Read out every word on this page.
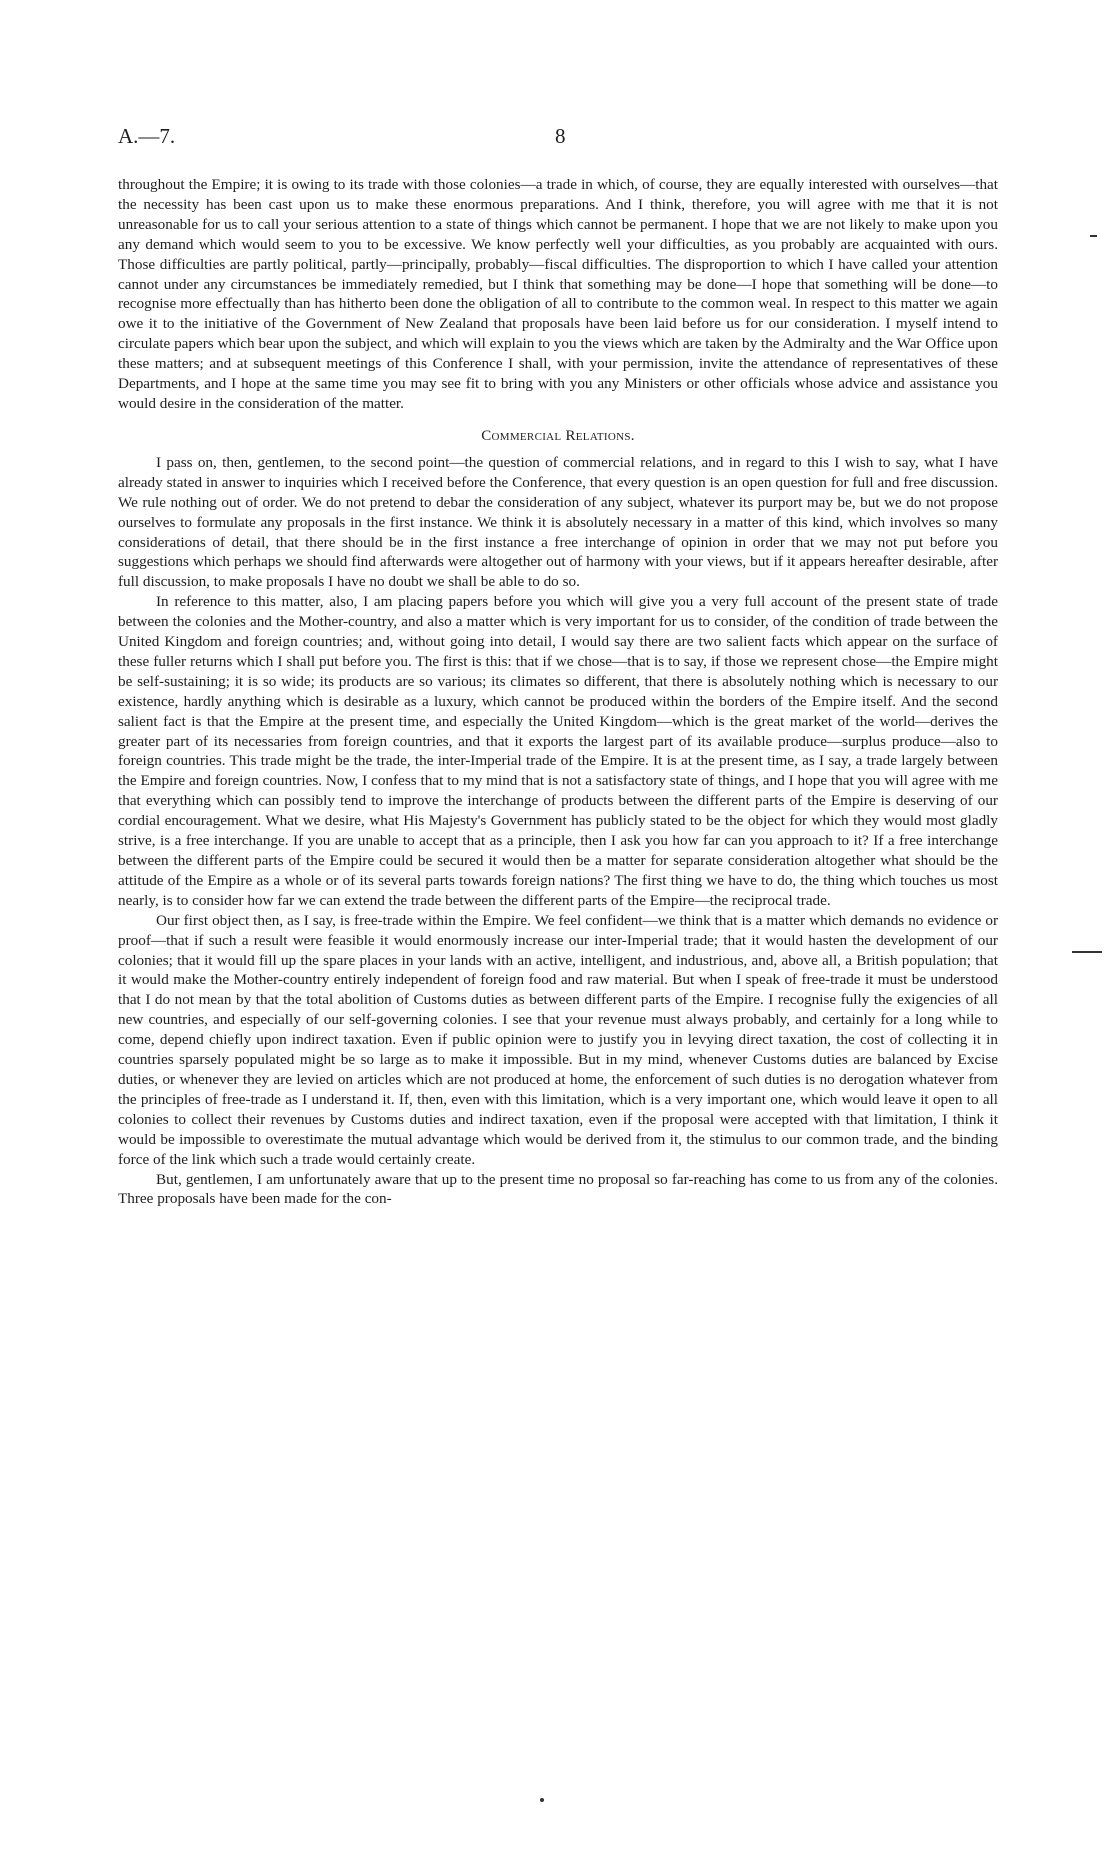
A.—7.	8

throughout the Empire; it is owing to its trade with those colonies—a trade in which, of course, they are equally interested with ourselves—that the necessity has been cast upon us to make these enormous preparations. And I think, therefore, you will agree with me that it is not unreasonable for us to call your serious attention to a state of things which cannot be permanent. I hope that we are not likely to make upon you any demand which would seem to you to be excessive. We know perfectly well your difficulties, as you probably are acquainted with ours. Those difficulties are partly political, partly—principally, probably—fiscal difficulties. The disproportion to which I have called your attention cannot under any circumstances be immediately remedied, but I think that something may be done—I hope that something will be done—to recognise more effectually than has hitherto been done the obligation of all to contribute to the common weal. In respect to this matter we again owe it to the initiative of the Government of New Zealand that proposals have been laid before us for our consideration. I myself intend to circulate papers which bear upon the subject, and which will explain to you the views which are taken by the Admiralty and the War Office upon these matters; and at subsequent meetings of this Conference I shall, with your permission, invite the attendance of representatives of these Departments, and I hope at the same time you may see fit to bring with you any Ministers or other officials whose advice and assistance you would desire in the consideration of the matter.

Commercial Relations.

I pass on, then, gentlemen, to the second point—the question of commercial relations, and in regard to this I wish to say, what I have already stated in answer to inquiries which I received before the Conference, that every question is an open question for full and free discussion. We rule nothing out of order. We do not pretend to debar the consideration of any subject, whatever its purport may be, but we do not propose ourselves to formulate any proposals in the first instance. We think it is absolutely necessary in a matter of this kind, which involves so many considerations of detail, that there should be in the first instance a free interchange of opinion in order that we may not put before you suggestions which perhaps we should find afterwards were altogether out of harmony with your views, but if it appears hereafter desirable, after full discussion, to make proposals I have no doubt we shall be able to do so.

In reference to this matter, also, I am placing papers before you which will give you a very full account of the present state of trade between the colonies and the Mother-country, and also a matter which is very important for us to consider, of the condition of trade between the United Kingdom and foreign countries; and, without going into detail, I would say there are two salient facts which appear on the surface of these fuller returns which I shall put before you. The first is this: that if we chose—that is to say, if those we represent chose—the Empire might be self-sustaining; it is so wide; its products are so various; its climates so different, that there is absolutely nothing which is necessary to our existence, hardly anything which is desirable as a luxury, which cannot be produced within the borders of the Empire itself. And the second salient fact is that the Empire at the present time, and especially the United Kingdom—which is the great market of the world—derives the greater part of its necessaries from foreign countries, and that it exports the largest part of its available produce—surplus produce—also to foreign countries. This trade might be the trade, the inter-Imperial trade of the Empire. It is at the present time, as I say, a trade largely between the Empire and foreign countries. Now, I confess that to my mind that is not a satisfactory state of things, and I hope that you will agree with me that everything which can possibly tend to improve the interchange of products between the different parts of the Empire is deserving of our cordial encouragement. What we desire, what His Majesty's Government has publicly stated to be the object for which they would most gladly strive, is a free interchange. If you are unable to accept that as a principle, then I ask you how far can you approach to it? If a free interchange between the different parts of the Empire could be secured it would then be a matter for separate consideration altogether what should be the attitude of the Empire as a whole or of its several parts towards foreign nations? The first thing we have to do, the thing which touches us most nearly, is to consider how far we can extend the trade between the different parts of the Empire—the reciprocal trade.

Our first object then, as I say, is free-trade within the Empire. We feel confident—we think that is a matter which demands no evidence or proof—that if such a result were feasible it would enormously increase our inter-Imperial trade; that it would hasten the development of our colonies; that it would fill up the spare places in your lands with an active, intelligent, and industrious, and, above all, a British population; that it would make the Mother-country entirely independent of foreign food and raw material. But when I speak of free-trade it must be understood that I do not mean by that the total abolition of Customs duties as between different parts of the Empire. I recognise fully the exigencies of all new countries, and especially of our self-governing colonies. I see that your revenue must always probably, and certainly for a long while to come, depend chiefly upon indirect taxation. Even if public opinion were to justify you in levying direct taxation, the cost of collecting it in countries sparsely populated might be so large as to make it impossible. But in my mind, whenever Customs duties are balanced by Excise duties, or whenever they are levied on articles which are not produced at home, the enforcement of such duties is no derogation whatever from the principles of free-trade as I understand it. If, then, even with this limitation, which is a very important one, which would leave it open to all colonies to collect their revenues by Customs duties and indirect taxation, even if the proposal were accepted with that limitation, I think it would be impossible to overestimate the mutual advantage which would be derived from it, the stimulus to our common trade, and the binding force of the link which such a trade would certainly create.

But, gentlemen, I am unfortunately aware that up to the present time no proposal so far-reaching has come to us from any of the colonies. Three proposals have been made for the con-
